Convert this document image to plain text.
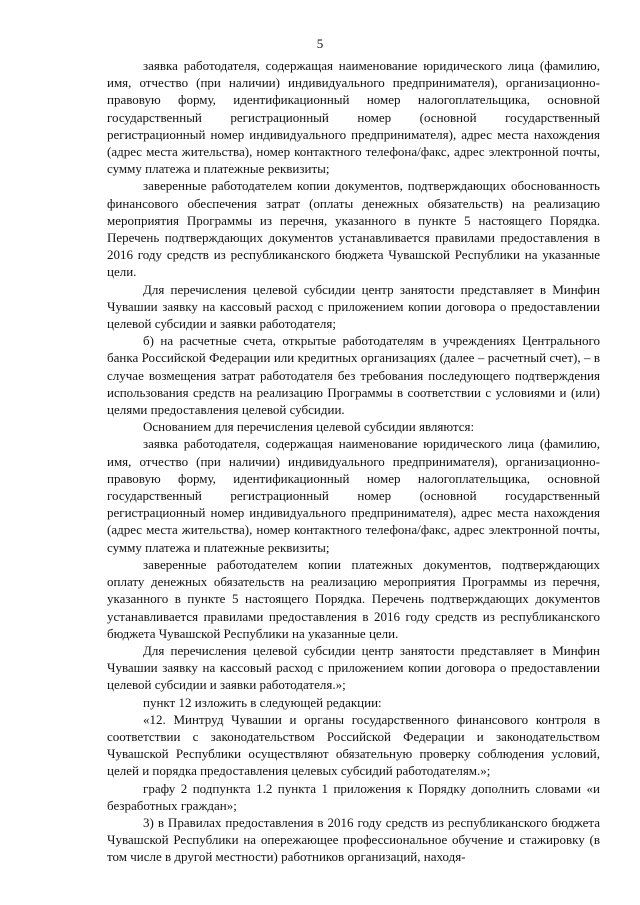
5

заявка работодателя, содержащая наименование юридического лица (фамилию, имя, отчество (при наличии) индивидуального предпринимателя), организационно-правовую форму, идентификационный номер налогоплательщика, основной государственный регистрационный номер (основной государственный регистрационный номер индивидуального предпринимателя), адрес места нахождения (адрес места жительства), номер контактного телефона/факс, адрес электронной почты, сумму платежа и платежные реквизиты;

заверенные работодателем копии документов, подтверждающих обоснованность финансового обеспечения затрат (оплаты денежных обязательств) на реализацию мероприятия Программы из перечня, указанного в пункте 5 настоящего Порядка. Перечень подтверждающих документов устанавливается правилами предоставления в 2016 году средств из республиканского бюджета Чувашской Республики на указанные цели.

Для перечисления целевой субсидии центр занятости представляет в Минфин Чувашии заявку на кассовый расход с приложением копии договора о предоставлении целевой субсидии и заявки работодателя;

б) на расчетные счета, открытые работодателям в учреждениях Центрального банка Российской Федерации или кредитных организациях (далее – расчетный счет), – в случае возмещения затрат работодателя без требования последующего подтверждения использования средств на реализацию Программы в соответствии с условиями и (или) целями предоставления целевой субсидии.

Основанием для перечисления целевой субсидии являются:

заявка работодателя, содержащая наименование юридического лица (фамилию, имя, отчество (при наличии) индивидуального предпринимателя), организационно-правовую форму, идентификационный номер налогоплательщика, основной государственный регистрационный номер (основной государственный регистрационный номер индивидуального предпринимателя), адрес места нахождения (адрес места жительства), номер контактного телефона/факс, адрес электронной почты, сумму платежа и платежные реквизиты;

заверенные работодателем копии платежных документов, подтверждающих оплату денежных обязательств на реализацию мероприятия Программы из перечня, указанного в пункте 5 настоящего Порядка. Перечень подтверждающих документов устанавливается правилами предоставления в 2016 году средств из республиканского бюджета Чувашской Республики на указанные цели.

Для перечисления целевой субсидии центр занятости представляет в Минфин Чувашии заявку на кассовый расход с приложением копии договора о предоставлении целевой субсидии и заявки работодателя.»;

пункт 12 изложить в следующей редакции:

«12. Минтруд Чувашии и органы государственного финансового контроля в соответствии с законодательством Российской Федерации и законодательством Чувашской Республики осуществляют обязательную проверку соблюдения условий, целей и порядка предоставления целевых субсидий работодателям.»;

графу 2 подпункта 1.2 пункта 1 приложения к Порядку дополнить словами «и безработных граждан»;

3) в Правилах предоставления в 2016 году средств из республиканского бюджета Чувашской Республики на опережающее профессиональное обучение и стажировку (в том числе в другой местности) работников организаций, находя-
